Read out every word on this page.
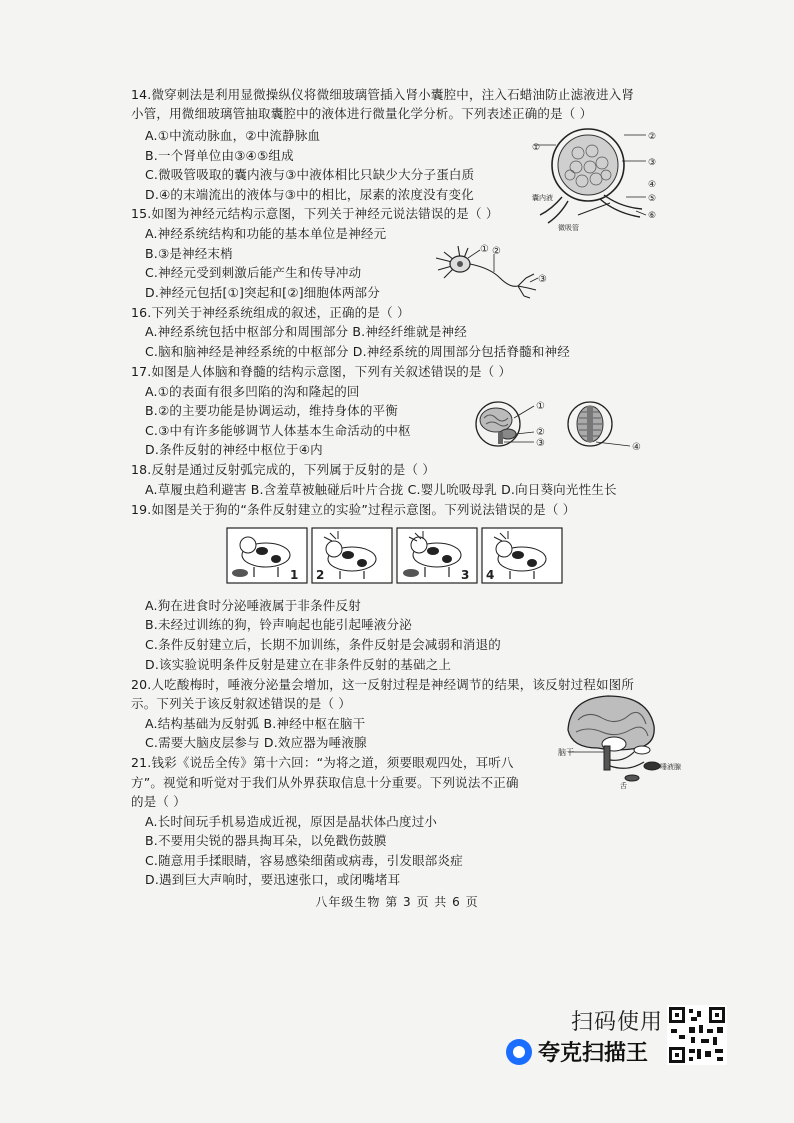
14.微穿刺法是利用显微操纵仪将微细玻璃管插入肾小囊腔中，注入石蜡油防止滤液进入肾
小管，用微细玻璃管抽取囊腔中的液体进行微量化学分析。下列表述正确的是（ ）
A.①中流动脉血，②中流静脉血
B.一个肾单位由③④⑤组成
C.微吸管吸取的囊内液与③中液体相比只缺少大分子蛋白质
D.④的末端流出的液体与③中的相比，尿素的浓度没有变化
①
②
③
④
⑤
⑥
囊内液
微吸管
15.如图为神经元结构示意图，下列关于神经元说法错误的是（ ）
A.神经系统结构和功能的基本单位是神经元
B.③是神经末梢
C.神经元受到刺激后能产生和传导冲动
D.神经元包括[①]突起和[②]细胞体两部分
① ②
③
16.下列关于神经系统组成的叙述，正确的是（ ）
A.神经系统包括中枢部分和周围部分 B.神经纤维就是神经
C.脑和脑神经是神经系统的中枢部分 D.神经系统的周围部分包括脊髓和神经
17.如图是人体脑和脊髓的结构示意图，下列有关叙述错误的是（ ）
A.①的表面有很多凹陷的沟和隆起的回
B.②的主要功能是协调运动，维持身体的平衡
C.③中有许多能够调节人体基本生命活动的中枢
D.条件反射的神经中枢位于④内
①
②
③	④
18.反射是通过反射弧完成的，下列属于反射的是（ ）
A.草履虫趋利避害 B.含羞草被触碰后叶片合拢 C.婴儿吮吸母乳 D.向日葵向光性生长
19.如图是关于狗的“条件反射建立的实验”过程示意图。下列说法错误的是（ ）
1 2	3 4
A.狗在进食时分泌唾液属于非条件反射
B.未经过训练的狗，铃声响起也能引起唾液分泌
C.条件反射建立后，长期不加训练，条件反射是会减弱和消退的
D.该实验说明条件反射是建立在非条件反射的基础之上
20.人吃酸梅时，唾液分泌量会增加，这一反射过程是神经调节的结果，该反射过程如图所
示。下列关于该反射叙述错误的是（ ）
A.结构基础为反射弧 B.神经中枢在脑干
C.需要大脑皮层参与 D.效应器为唾液腺
脑干
唾液腺
舌
21.钱彩《说岳全传》第十六回：“为将之道，须要眼观四处，耳听八
方”。视觉和听觉对于我们从外界获取信息十分重要。下列说法不正确
的是（ ）
A.长时间玩手机易造成近视，原因是晶状体凸度过小
B.不要用尖锐的器具掏耳朵，以免戳伤鼓膜
C.随意用手揉眼睛，容易感染细菌或病毒，引发眼部炎症
D.遇到巨大声响时，要迅速张口，或闭嘴堵耳
八年级生物 第 3 页 共 6 页
扫码使用
夸克扫描王
